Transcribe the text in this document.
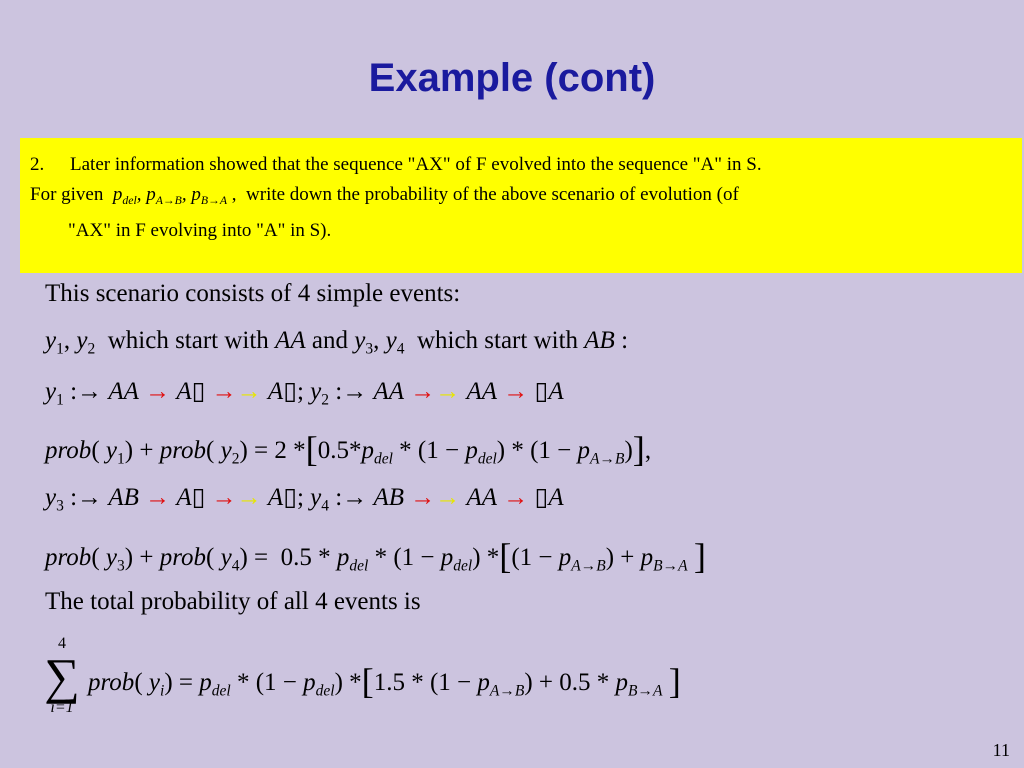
Example (cont)
2.	Later information showed that the sequence "AX" of F evolved into the sequence "A" in S.
For given $p_{del}$, $p_{A\to B}$, $p_{B\to A}$ ,  write down the probability of the above scenario of evolution (of
"AX" in F evolving into "A" in S).
This scenario consists of 4 simple events:
$y_1$, $y_2$ which start with AA and $y_3$, $y_4$ which start with AB :
$y_1$ :→ AA → A▯ →→ A▯; $y_2$ :→ AA →→ AA → ▯A
prob( $y_1$) + prob( $y_2) = 2$ $*[0.5*p_{del} * (1 - p_{del}) * (1 - p_{A\to B})]$,
$y_3$ :→ AB → A▯ →→ A▯; $y_4$ :→ AB →→ AA → ▯A
prob( $y_3$) + prob( $y_4) = 0.5 * p_{del} * (1 - p_{del})$ $*[(1 - p_{A\to B}) + p_{B\to A}$ ]
The total probability of all 4 events is
4
∑
i=1
prob( $y_i) = p_{del} * (1 - p_{del})$ $*[1.5 * (1 - p_{A\to B}) + 0.5 * p_{B\to A}$ ]
11
